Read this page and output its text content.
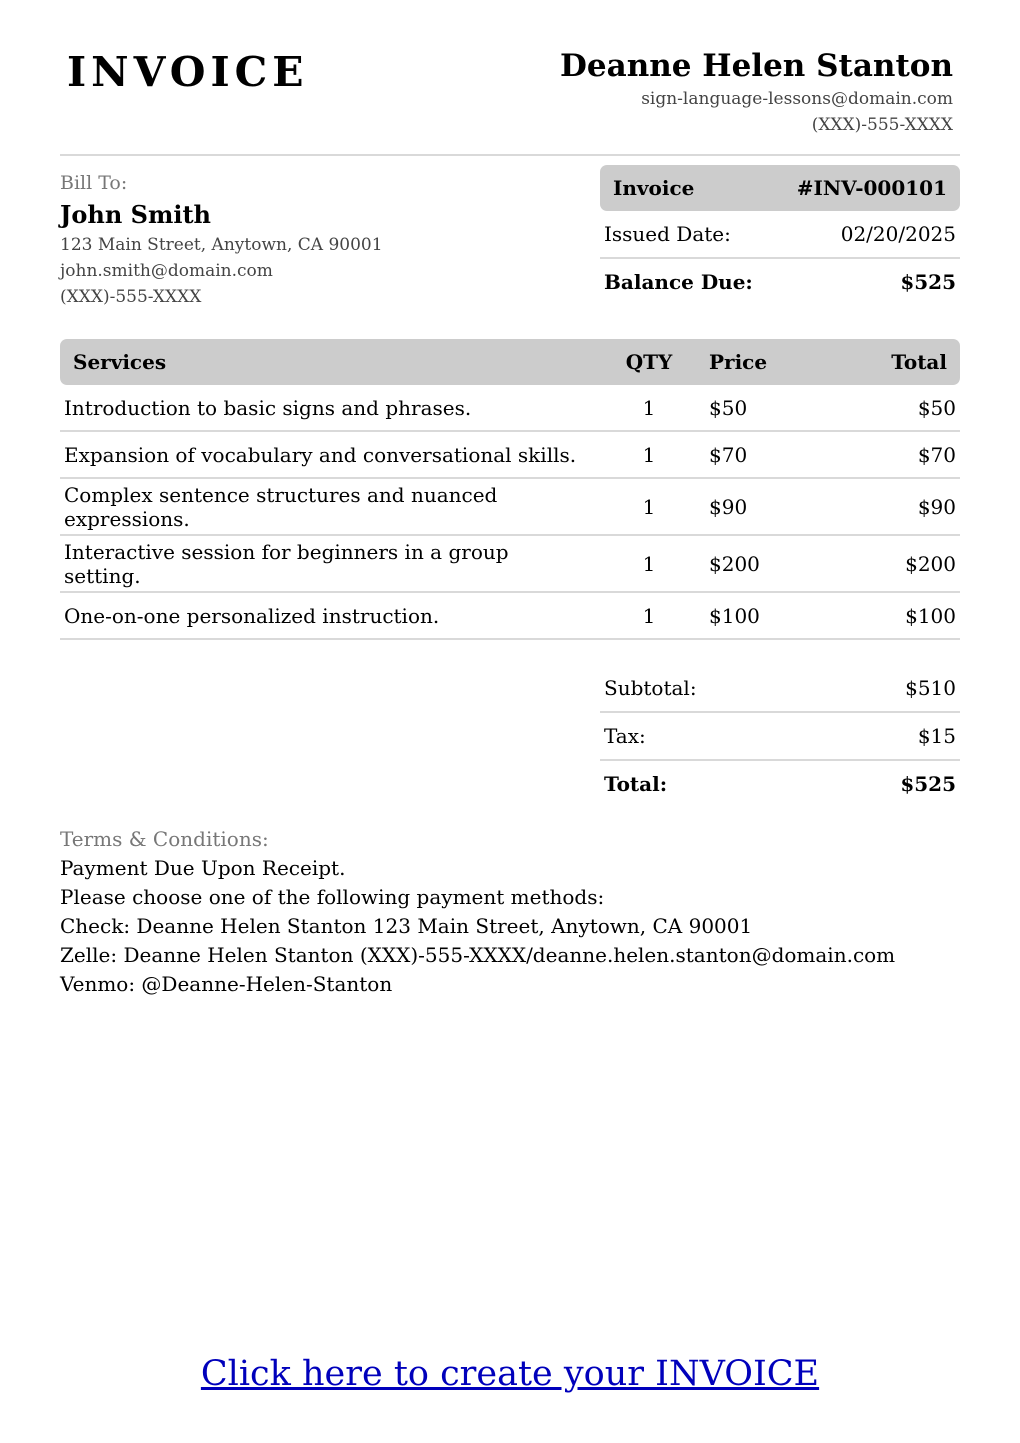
INVOICE	Deanne Helen Stanton
sign-language-lessons@domain.com
(XXX)-555-XXXX
Bill To:
John Smith
123 Main Street, Anytown, CA 90001
john.smith@domain.com
(XXX)-555-XXXX
Invoice	#INV-000101
Issued Date:	02/20/2025
Balance Due:	$525
Services	QTY	Price	Total
Introduction to basic signs and phrases.	1	$50	$50
Expansion of vocabulary and conversational skills.	1	$70	$70
Complex sentence structures and nuanced expressions.	1	$90	$90
Interactive session for beginners in a group setting.	1	$200	$200
One-on-one personalized instruction.	1	$100	$100
Subtotal:	$510
Tax:	$15
Total:	$525
Terms & Conditions:
Payment Due Upon Receipt.
Please choose one of the following payment methods:
Check: Deanne Helen Stanton 123 Main Street, Anytown, CA 90001
Zelle: Deanne Helen Stanton (XXX)-555-XXXX/deanne.helen.stanton@domain.com
Venmo: @Deanne-Helen-Stanton
Click here to create your INVOICE
